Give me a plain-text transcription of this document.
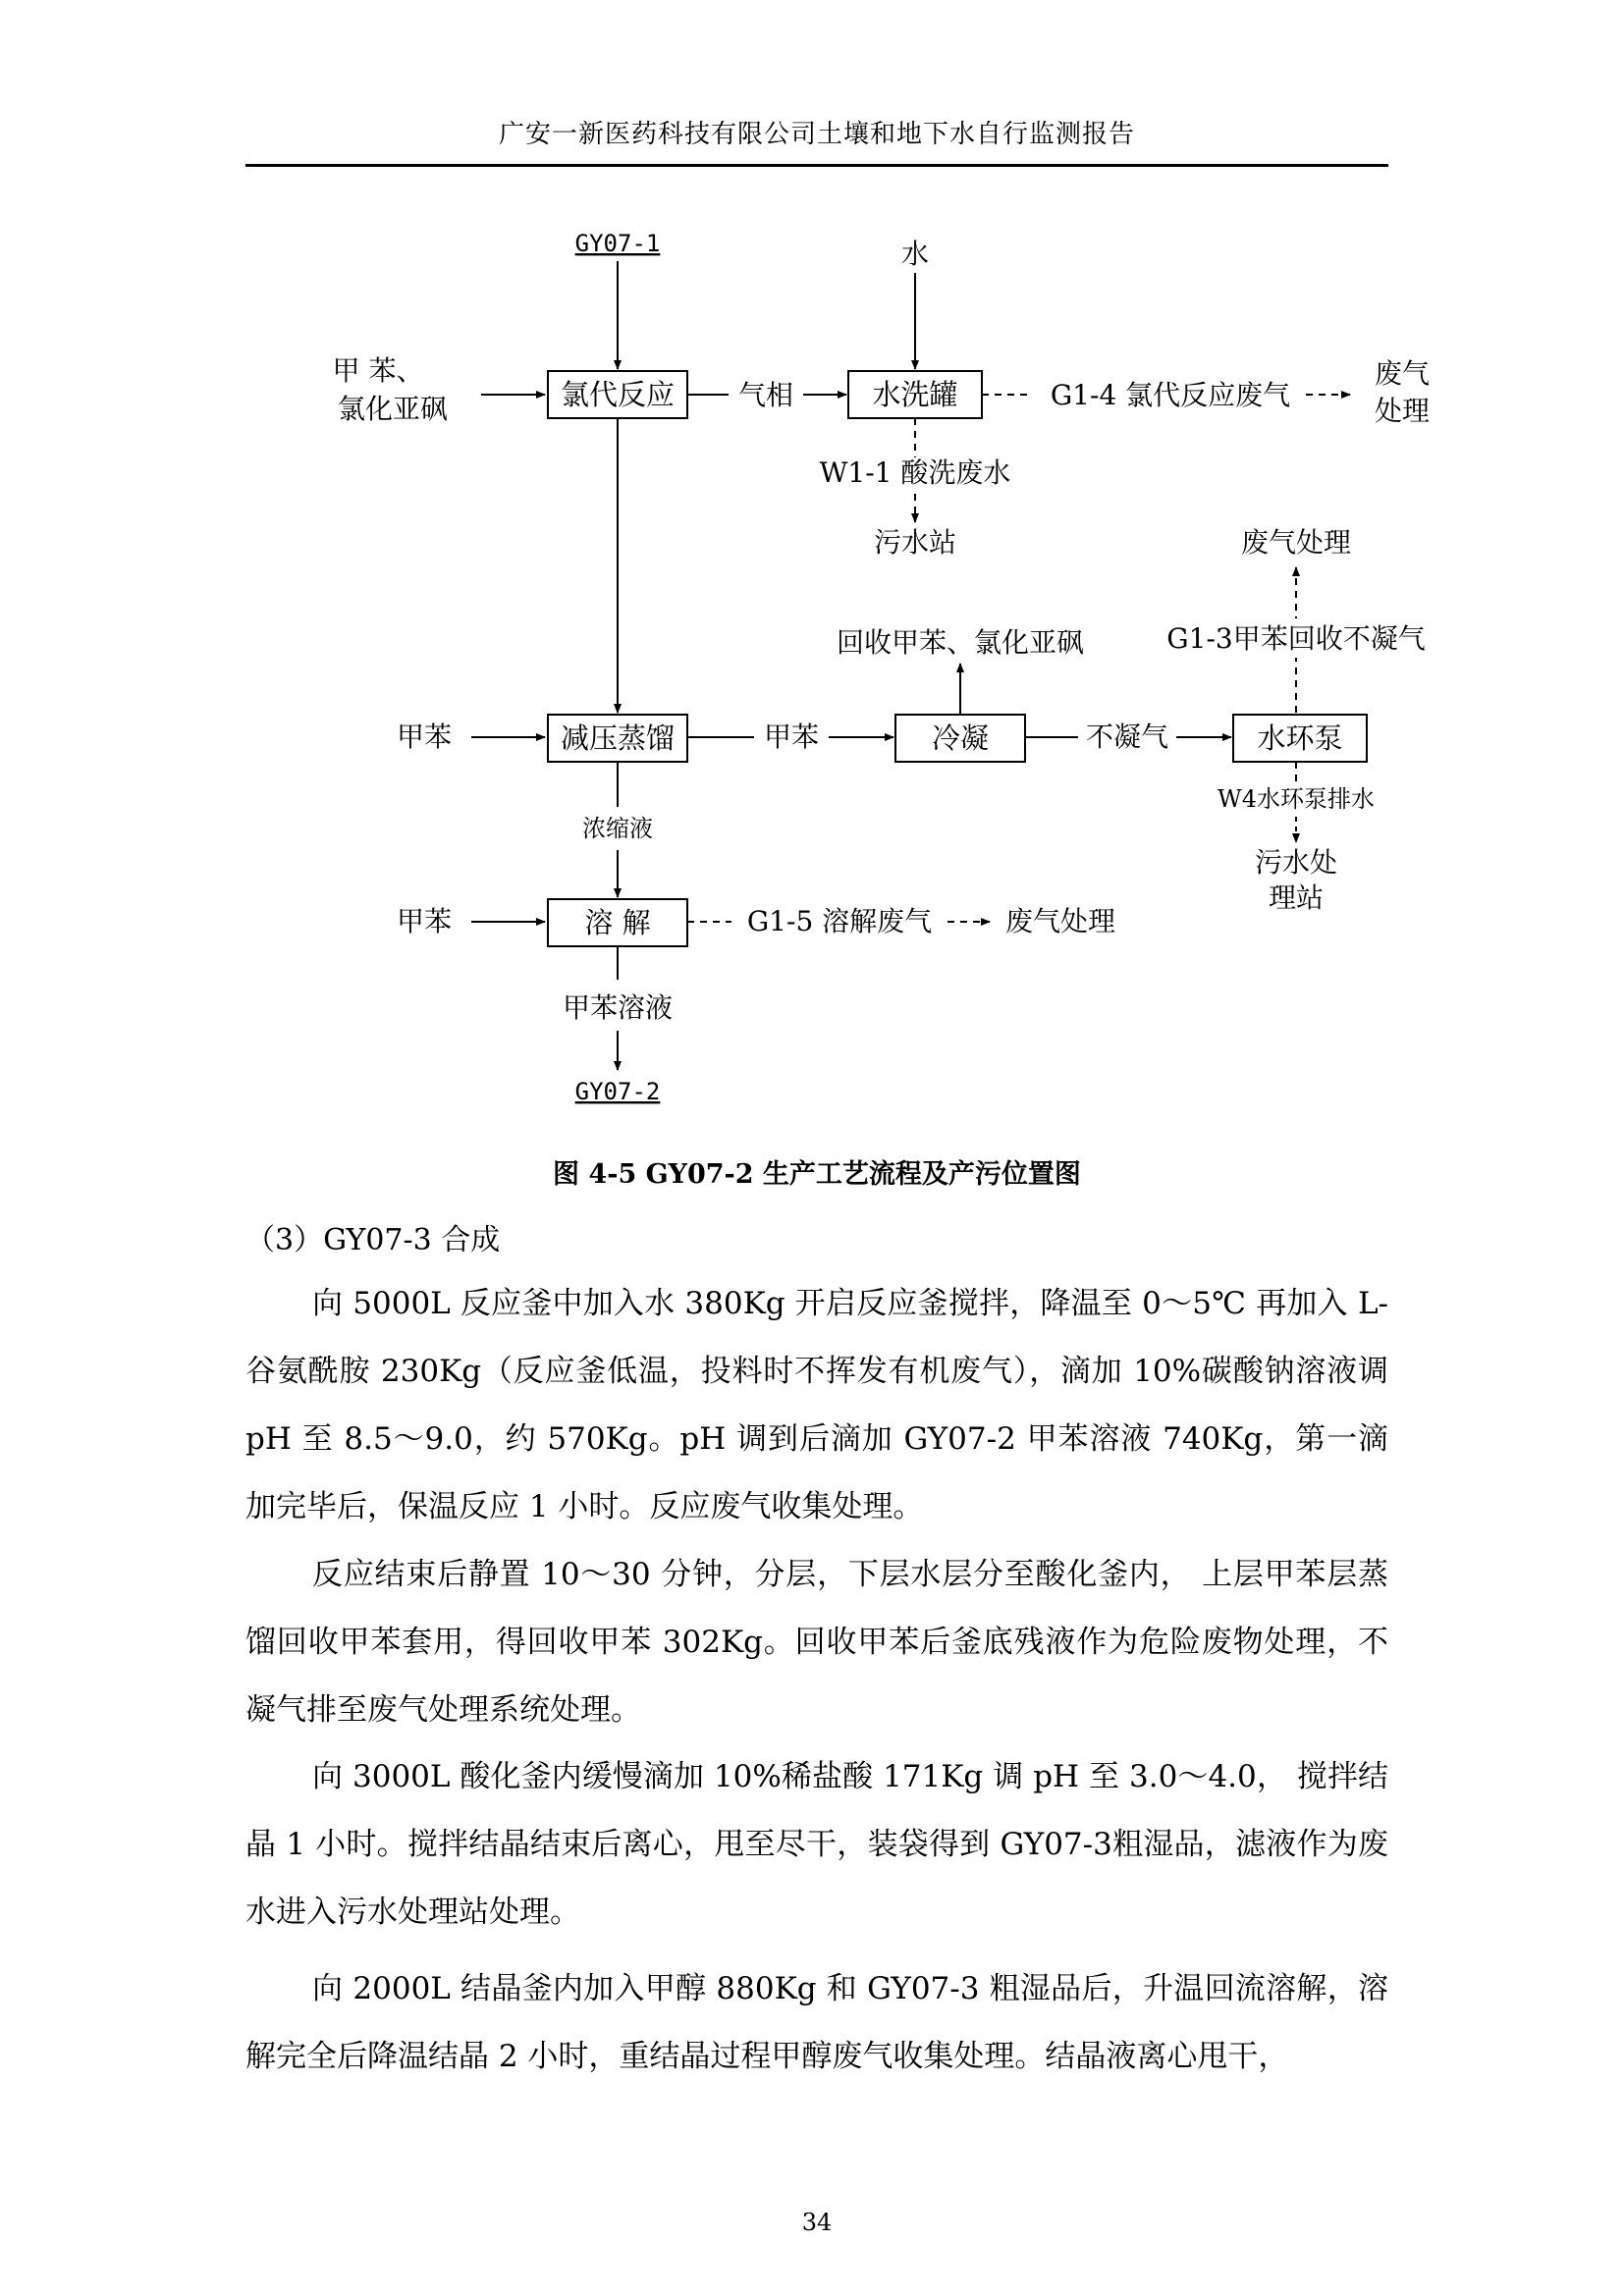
广安一新医药科技有限公司土壤和地下水自行监测报告
GY07-1	水
甲 苯、
氯化亚砜	氯代反应 气相	水洗罐	G1-4 氯代反应废气
废气
处理
W1-1 酸洗废水
污水站	废气处理
G1-3甲苯回收不凝气
回收甲苯、氯化亚砜
甲苯	减压蒸馏	甲苯	冷凝	不凝气	水环泵
W4水环泵排水
污水处
理站
浓缩液
甲苯	溶 解	G1-5 溶解废气	废气处理
甲苯溶液
GY07-2
图 4-5 GY07-2 生产工艺流程及产污位置图
（3）GY07-3 合成

向 5000L 反应釜中加入水 380Kg 开启反应釜搅拌，降温至 0～5℃ 再加入 L-谷氨酰胺 230Kg（反应釜低温，投料时不挥发有机废气），滴加 10%碳酸钠溶液调 pH 至 8.5～9.0，约 570Kg。pH 调到后滴加 GY07-2 甲苯溶液 740Kg，第一滴加完毕后，保温反应 1 小时。反应废气收集处理。

反应结束后静置 10～30 分钟，分层，下层水层分至酸化釜内， 上层甲苯层蒸馏回收甲苯套用，得回收甲苯 302Kg。回收甲苯后釜底残液作为危险废物处理，不凝气排至废气处理系统处理。

向 3000L 酸化釜内缓慢滴加 10%稀盐酸 171Kg 调 pH 至 3.0～4.0， 搅拌结晶 1 小时。搅拌结晶结束后离心，甩至尽干，装袋得到 GY07-3粗湿品，滤液作为废水进入污水处理站处理。

向 2000L 结晶釜内加入甲醇 880Kg 和 GY07-3 粗湿品后，升温回流溶解，溶解完全后降温结晶 2 小时，重结晶过程甲醇废气收集处理。结晶液离心甩干，

34
